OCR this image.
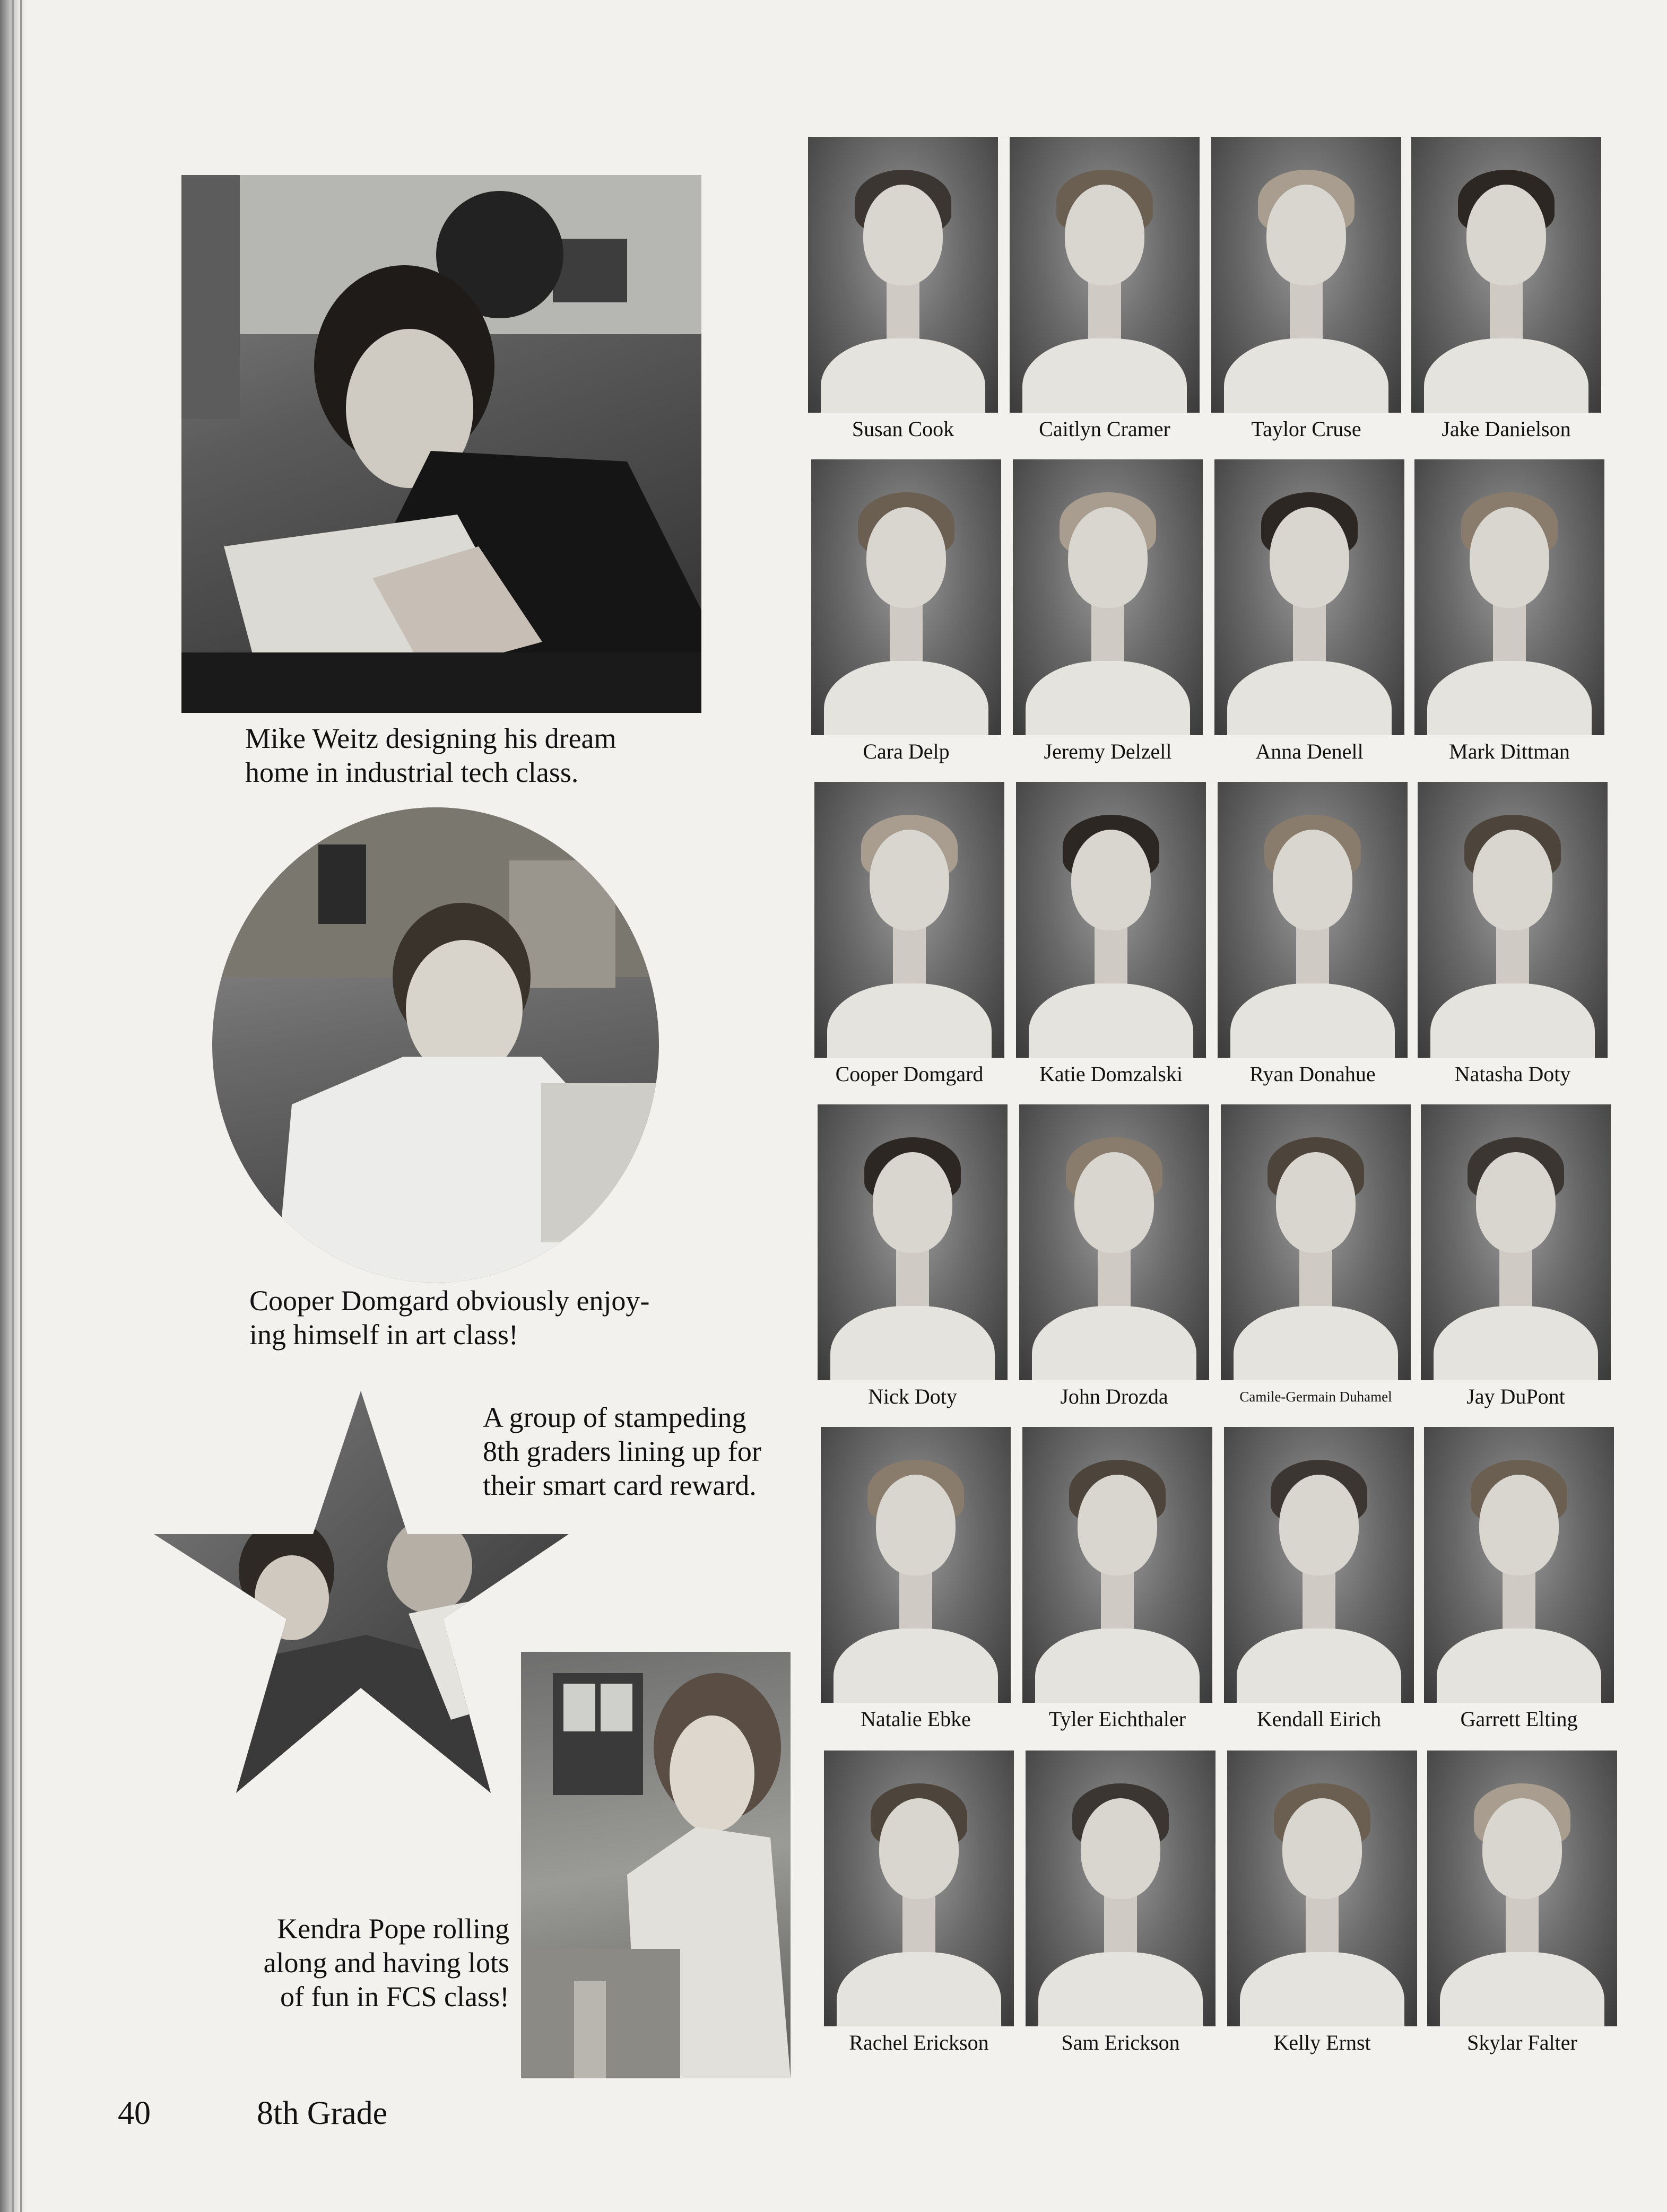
Mike Weitz designing his dream
home in industrial tech class.
Cooper Domgard obviously enjoy-
ing himself in art class!
A group of stampeding
8th graders lining up for
their smart card reward.
Kendra Pope rolling
along and having lots
of fun in FCS class!
Susan Cook	Caitlyn Cramer	Taylor Cruse	Jake Danielson
Cara Delp	Jeremy Delzell	Anna Denell	Mark Dittman
Cooper Domgard	Katie Domzalski	Ryan Donahue	Natasha Doty
Nick Doty	John Drozda	Camile-Germain Duhamel	Jay DuPont
Natalie Ebke	Tyler Eichthaler	Kendall Eirich	Garrett Elting
Rachel Erickson	Sam Erickson	Kelly Ernst	Skylar Falter
40	8th Grade
